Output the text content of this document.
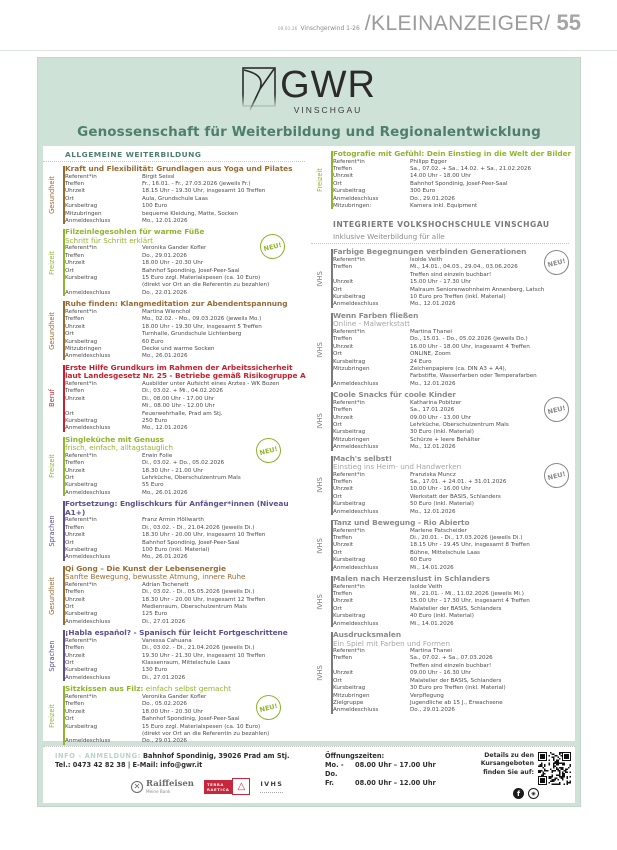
09.01.26 Vinschgerwind 1-26 /KLEINANZEIGER/ 55
GWR
VINSCHGAU
Genossenschaft für Weiterbildung und Regionalentwicklung
ALLGEMEINE WEITERBILDUNG
Gesundheit
Kraft und Flexibilität: Grundlagen aus Yoga und Pilates
Referent*in	Birgit Seissl
Treffen	Fr., 16.01. - Fr., 27.03.2026 (jeweils Fr.)
Uhrzeit	18.15 Uhr - 19.30 Uhr, insgesamt 10 Treffen
Ort	Aula, Grundschule Laas
Kursbeitrag	100 Euro
Mitzubringen	bequeme Kleidung, Matte, Socken
Anmeldeschluss	Mo., 12.01.2026
Freizeit
Filzeinlegesohlen für warme Füße
Schritt für Schritt erklärt
Referent*in	Veronika Gander Kofler
Treffen	Do., 29.01.2026
Uhrzeit	18.00 Uhr - 20.30 Uhr
Ort	Bahnhof Spondinig, Josef-Peer-Saal
Kursbeitrag	15 Euro zzgl. Materialspesen (ca. 10 Euro)
(direkt vor Ort an die Referentin zu bezahlen)
Anmeldeschluss	Do., 22.01.2026
NEU!
Gesundheit
Ruhe finden: Klangmeditation zur Abendentspannung
Referent*in	Martina Wienchol
Treffen	Mo., 02.02. - Mo., 09.03.2026 (jeweils Mo.)
Uhrzeit	18.00 Uhr - 19.30 Uhr, insgesamt 5 Treffen
Ort	Turnhalle, Grundschule Lichtenberg
Kursbeitrag	60 Euro
Mitzubringen	Decke und warme Socken
Anmeldeschluss	Mo., 26.01.2026
Beruf
Erste Hilfe Grundkurs im Rahmen der Arbeitssicherheit laut Landesgesetz Nr. 25 - Betriebe gemäß Risikogruppe A
Referent*in	Ausbilder unter Aufsicht eines Arztes - WK Bozen
Treffen	Di., 03.02. + Mi., 04.02.2026
Uhrzeit	Di., 08.00 Uhr - 17.00 Uhr
Mi., 08.00 Uhr - 12.00 Uhr
Ort	Feuerwehrhalle, Prad am Stj.
Kursbeitrag	250 Euro
Anmeldeschluss	Mo., 12.01.2026
Freizeit
Singleküche mit Genuss
frisch, einfach, alltagstauglich
Referent*in	Erwin Folie
Treffen	Di., 03.02. + Do., 05.02.2026
Uhrzeit	18.30 Uhr - 21.00 Uhr
Ort	Lehrküche, Oberschulzentrum Mals
Kursbeitrag	55 Euro
Anmeldeschluss	Mo., 26.01.2026
NEU!
Sprachen
Fortsetzung: Englischkurs für Anfänger*innen (Niveau A1+)
Referent*in	Franz Armin Höllwarth
Treffen	Di., 03.02. - Di., 21.04.2026 (jeweils Di.)
Uhrzeit	18.30 Uhr - 20.00 Uhr, insgesamt 10 Treffen
Ort	Bahnhof Spondinig, Josef-Peer-Saal
Kursbeitrag	100 Euro (inkl. Material)
Anmeldeschluss	Mo., 26.01.2026
Gesundheit
Qi Gong – Die Kunst der Lebensenergie
Sanfte Bewegung, bewusste Atmung, innere Ruhe
Referent*in	Adrian Tschenett
Treffen	Di., 03.02. - Di., 05.05.2026 (jeweils Di.)
Uhrzeit	18.30 Uhr - 20.00 Uhr, insgesamt 12 Treffen
Ort	Medienraum, Oberschulzentrum Mals
Kursbeitrag	125 Euro
Anmeldeschluss	Di., 27.01.2026
Sprachen
¡Habla español? - Spanisch für leicht Fortgeschrittene
Referent*in	Vanessa Cahuana
Treffen	Di., 03.02. - Di., 21.04.2026 (jeweils Di.)
Uhrzeit	19.30 Uhr - 21.30 Uhr, insgesamt 10 Treffen
Ort	Klassenraum, Mittelschule Laas
Kursbeitrag	130 Euro
Anmeldeschluss	Di., 27.01.2026
Freizeit
Sitzkissen aus Filz: einfach selbst gemacht
Referent*in	Veronika Gander Kofler
Treffen	Do., 05.02.2026
Uhrzeit	18.00 Uhr - 20.30 Uhr
Ort	Bahnhof Spondinig, Josef-Peer-Saal
Kursbeitrag	15 Euro zzgl. Materialspesen (ca. 10 Euro)
(direkt vor Ort an die Referentin zu bezahlen)
Anmeldeschluss	Do., 29.01.2026
NEU!
Freizeit
Fotografie mit Gefühl: Dein Einstieg in die Welt der Bilder
Referent*in	Philipp Egger
Treffen	Sa., 07.02. + Sa., 14.02. + Sa., 21.02.2026
Uhrzeit	14.00 Uhr - 18.00 Uhr
Ort	Bahnhof Spondinig, Josef-Peer-Saal
Kursbeitrag	300 Euro
Anmeldeschluss	Do., 29.01.2026
Mitzubringen:	Kamera inkl. Equipment
INTEGRIERTE VOLKSHOCHSCHULE VINSCHGAU
Inklusive Weiterbildung für alle
IVHS
Farbige Begegnungen verbinden Generationen
Referent*in	Isolde Veith
Treffen	Mi., 14.01., 04.03., 29.04., 03.06.2026
Treffen sind einzeln buchbar!
Uhrzeit	15.00 Uhr - 17.30 Uhr
Ort	Malraum Seniorenwohnheim Annenberg, Latsch
Kursbeitrag	10 Euro pro Treffen (inkl. Material)
Anmeldeschluss	Mo., 12.01.2026
NEU!
IVHS
Wenn Farben fließen
Online - Malwerkstatt
Referent*in	Martina Thanei
Treffen	Do., 15.01. - Do., 05.02.2026 (jeweils Do.)
Uhrzeit	16.00 Uhr - 18.00 Uhr, insgesamt 4 Treffen
Ort	ONLINE, Zoom
Kursbeitrag	24 Euro
Mitzubringen	Zeichenpapiere (ca. DIN A3 + A4),
Farbstifte, Wasserfarben oder Temperafarben
Anmeldeschluss	Mo., 12.01.2026
IVHS
Coole Snacks für coole Kinder
Referent*in	Katharina Pobitzer
Treffen	Sa., 17.01.2026
Uhrzeit	09.00 Uhr - 13.00 Uhr
Ort	Lehrküche, Oberschulzentrum Mals
Kursbeitrag	30 Euro (inkl. Material)
Mitzubringen	Schürze + leere Behälter
Anmeldeschluss	Mo., 12.01.2026
NEU!
IVHS
Mach's selbst!
Einstieg ins Heim- und Handwerken
Referent*in	Franziska Muncz
Treffen	Sa., 17.01. + 24.01. + 31.01.2026
Uhrzeit	10.00 Uhr - 16.00 Uhr
Ort	Werkstatt der BASIS, Schlanders
Kursbeitrag	50 Euro (inkl. Material)
Anmeldeschluss	Mo., 12.01.2026
NEU!
IVHS
Tanz und Bewegung - Rio Abierto
Referent*in	Marlene Patscheider
Treffen	Di., 20.01. - Di., 17.03.2026 (jeweils Di.)
Uhrzeit	18.15 Uhr - 19.45 Uhr, insgesamt 8 Treffen
Ort	Bühne, Mittelschule Laas
Kursbeitrag	60 Euro
Anmeldeschluss	Mi., 14.01.2026
IVHS
Malen nach Herzenslust in Schlanders
Referent*in	Isolde Veith
Treffen	Mi., 21.01. - Mi., 11.02.2026 (jeweils Mi.)
Uhrzeit	15.00 Uhr - 17.30 Uhr, insgesamt 4 Treffen
Ort	Malatelier der BASIS, Schlanders
Kursbeitrag	40 Euro (inkl. Material)
Anmeldeschluss	Mi., 14.01.2026
IVHS
Ausdrucksmalen
Ein Spiel mit Farben und Formen
Referent*in	Martina Thanei
Treffen	Sa., 07.02. + Sa., 07.03.2026
Treffen sind einzeln buchbar!
Uhrzeit	09.00 Uhr - 16.30 Uhr
Ort	Malatelier der BASIS, Schlanders
Kursbeitrag	30 Euro pro Treffen (inkl. Material)
Mitzubringen	Verpflegung
Zielgruppe	Jugendliche ab 15 J., Erwachsene
Anmeldeschluss	Do., 29.01.2026
INFO - ANMELDUNG: Bahnhof Spondinig, 39026 Prad am Stj.
Tel.: 0473 42 82 38 | E-Mail: info@gwr.it
✕ Raiffeisen
Meine Bank
TERRA
RAETICA △	IVHS
Öffnungszeiten:
Mo. - Do.
08.00 Uhr – 17.00 Uhr
Fr.	08.00 Uhr – 12.00 Uhr
Details zu den
Kursangeboten
finden Sie auf:
f	◉
